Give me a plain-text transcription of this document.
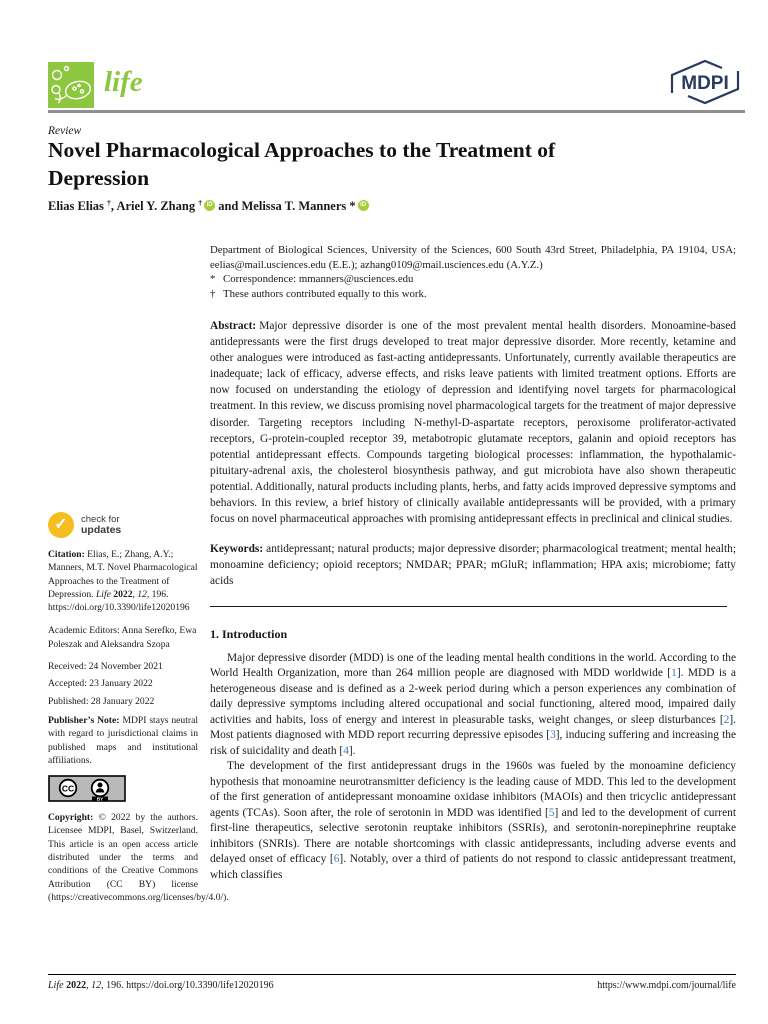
life	MDPI
Review
Novel Pharmacological Approaches to the Treatment of Depression
Elias Elias †, Ariel Y. Zhang †iD and Melissa T. Manners *iD
Department of Biological Sciences, University of the Sciences, 600 South 43rd Street, Philadelphia, PA 19104, USA; eelias@mail.usciences.edu (E.E.); azhang0109@mail.usciences.edu (A.Y.Z.)
* Correspondence: mmanners@usciences.edu
† These authors contributed equally to this work.

Abstract: Major depressive disorder is one of the most prevalent mental health disorders. Monoamine-based antidepressants were the first drugs developed to treat major depressive disorder. More recently, ketamine and other analogues were introduced as fast-acting antidepressants. Unfortunately, currently available therapeutics are inadequate; lack of efficacy, adverse effects, and risks leave patients with limited treatment options. Efforts are now focused on understanding the etiology of depression and identifying novel targets for pharmacological treatment. In this review, we discuss promising novel pharmacological targets for the treatment of major depressive disorder. Targeting receptors including N-methyl-D-aspartate receptors, peroxisome proliferator-activated receptors, G-protein-coupled receptor 39, metabotropic glutamate receptors, galanin and opioid receptors has potential antidepressant effects. Compounds targeting biological processes: inflammation, the hypothalamic-pituitary-adrenal axis, the cholesterol biosynthesis pathway, and gut microbiota have also shown therapeutic potential. Additionally, natural products including plants, herbs, and fatty acids improved depressive symptoms and behaviors. In this review, a brief history of clinically available antidepressants will be provided, with a primary focus on novel pharmaceutical approaches with promising antidepressant effects in preclinical and clinical studies.

Keywords: antidepressant; natural products; major depressive disorder; pharmacological treatment; mental health; monoamine deficiency; opioid receptors; NMDAR; PPAR; mGluR; inflammation; HPA axis; microbiome; fatty acids

1. Introduction

Major depressive disorder (MDD) is one of the leading mental health conditions in the world. According to the World Health Organization, more than 264 million people are diagnosed with MDD worldwide [1]. MDD is a heterogeneous disease and is defined as a 2-week period during which a person experiences any combination of daily depressive symptoms including altered occupational and social functioning, altered mood, impaired daily activities and habits, loss of energy and interest in pleasurable tasks, weight changes, or sleep disturbances [2]. Most patients diagnosed with MDD report recurring depressive episodes [3], inducing suffering and increasing the risk of suicidality and death [4].

The development of the first antidepressant drugs in the 1960s was fueled by the monoamine deficiency hypothesis that monoamine neurotransmitter deficiency is the leading cause of MDD. This led to the development of the first generation of antidepressant monoamine oxidase inhibitors (MAOIs) and then tricyclic antidepressant agents (TCAs). Soon after, the role of serotonin in MDD was identified [5] and led to the development of current first-line therapeutics, selective serotonin reuptake inhibitors (SSRIs), and serotonin-norepinephrine reuptake inhibitors (SNRIs). There are notable shortcomings with classic antidepressants, including adverse events and delayed onset of efficacy [6]. Notably, over a third of patients do not respond to classic antidepressant treatment, which classifies

✓	check for
updates
Citation: Elias, E.; Zhang, A.Y.; Manners, M.T. Novel Pharmacological Approaches to the Treatment of Depression. Life 2022, 12, 196. https://doi.org/10.3390/life12020196
Academic Editors: Anna Serefko, Ewa Poleszak and Aleksandra Szopa
Received: 24 November 2021
Accepted: 23 January 2022
Published: 28 January 2022
Publisher’s Note: MDPI stays neutral with regard to jurisdictional claims in published maps and institutional affiliations.
CC
BY
Copyright: © 2022 by the authors. Licensee MDPI, Basel, Switzerland. This article is an open access article distributed under the terms and conditions of the Creative Commons Attribution (CC BY) license (https://creativecommons.org/licenses/by/4.0/).
Life 2022, 12, 196. https://doi.org/10.3390/life12020196	https://www.mdpi.com/journal/life
